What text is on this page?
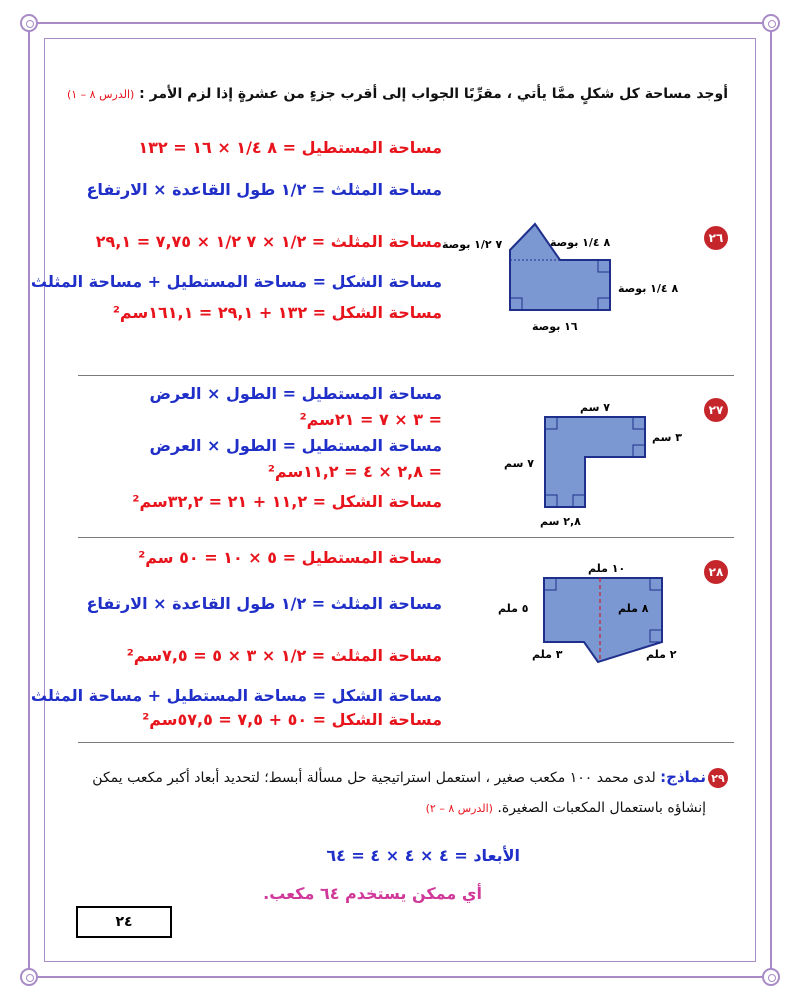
أوجد مساحة كل شكلٍ ممَّا يأتي ، مقرِّبًا الجواب إلى أقرب جزءٍ من عشرةٍ إذا لزم الأمر : (الدرس ٨ – ١)
٢٦
مساحة المستطيل = ٨ ١/٤ × ١٦ = ١٣٢
مساحة المثلث = ١/٢ طول القاعدة × الارتفاع
مساحة المثلث = ١/٢ × ٧ ١/٢ × ٧,٧٥ = ٢٩,١
مساحة الشكل = مساحة المستطيل + مساحة المثلث
مساحة الشكل = ١٣٢ + ٢٩,١ = ١٦١,١سم²
٧ ١/٢ بوصة	٨ ١/٤ بوصة
٨ ١/٤ بوصة
١٦ بوصة
٢٧
مساحة المستطيل = الطول × العرض
= ٣ × ٧ = ٢١سم²
مساحة المستطيل = الطول × العرض
= ٢,٨ × ٤ = ١١,٢سم²
مساحة الشكل = ١١,٢ + ٢١ = ٣٢,٢سم²
٧ سم
٣ سم
٧ سم
٢,٨ سم
٢٨
مساحة المستطيل = ٥ × ١٠ = ٥٠ سم²
مساحة المثلث = ١/٢ طول القاعدة × الارتفاع
مساحة المثلث = ١/٢ × ٣ × ٥ = ٧,٥سم²
مساحة الشكل = مساحة المستطيل + مساحة المثلث
مساحة الشكل = ٥٠ + ٧,٥ = ٥٧,٥سم²
١٠ ملم
٥ ملم	٨ ملم
٣ ملم	٢ ملم
٢٩
نماذج: لدى محمد ١٠٠ مكعب صغير ، استعمل استراتيجية حل مسألة أبسط؛ لتحديد أبعاد أكبر مكعب يمكن
إنشاؤه باستعمال المكعبات الصغيرة. (الدرس ٨ – ٢)
الأبعاد = ٤ × ٤ × ٤ = ٦٤
أي ممكن يستخدم ٦٤ مكعب.
٢٤
